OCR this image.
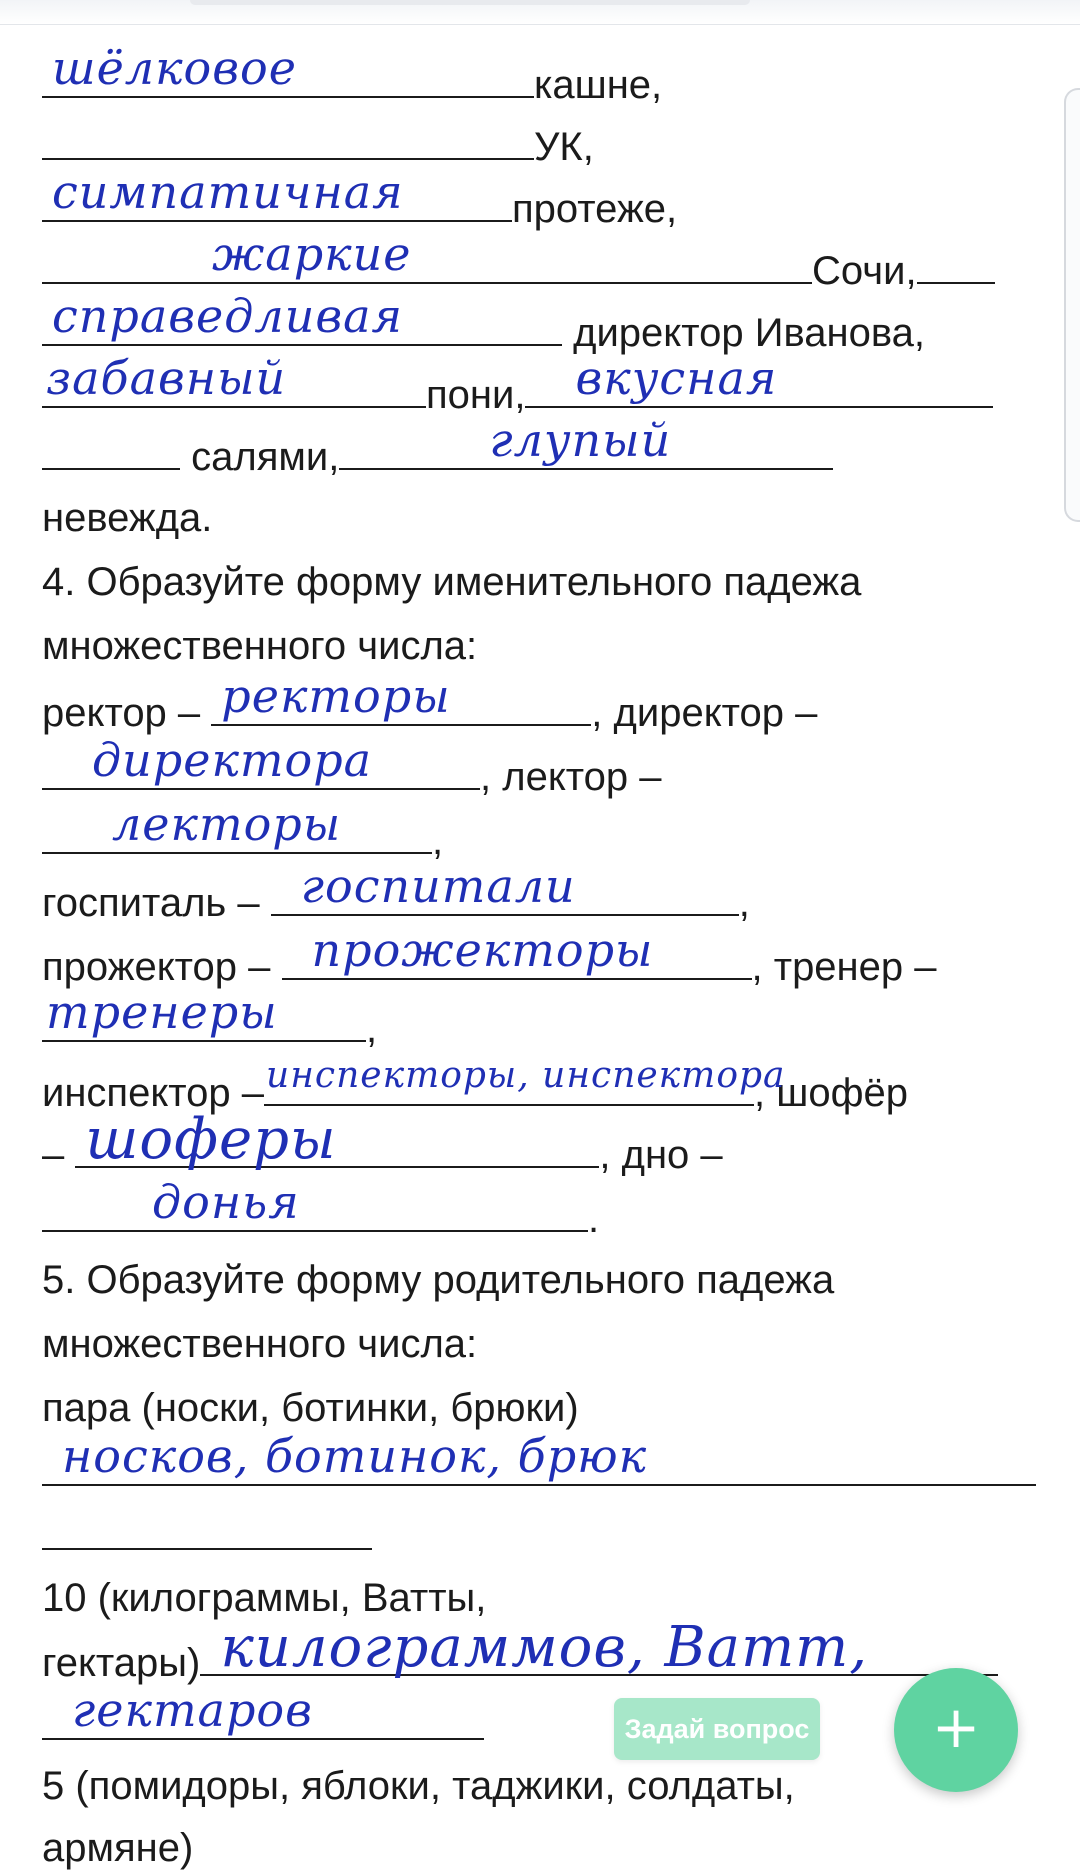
шёлковое	кашне,
УК,
симпатичная	протеже,
жаркие	Сочи,
справедливая	директор Иванова,
забавный	пони, вкусная
салями,	глупый
невежда.
4. Образуйте форму именительного падежа
множественного числа:
ректор – ректоры	, директор –
директора	, лектор –
лекторы ,
госпиталь – госпитали	,
прожектор – прожекторы , тренер –
тренеры ,
инспектор – инспекторы, инспектора
, шофёр
– шоферы	, дно –
донья	.
5. Образуйте форму родительного падежа
множественного числа:
пара (носки, ботинки, брюки)
носков, ботинок, брюк
10 (килограммы, Ватты,
гектары) килограммов, Ватт,
гектаров
5 (помидоры, яблоки, таджики, солдаты,
армяне)
Задай вопрос	+
